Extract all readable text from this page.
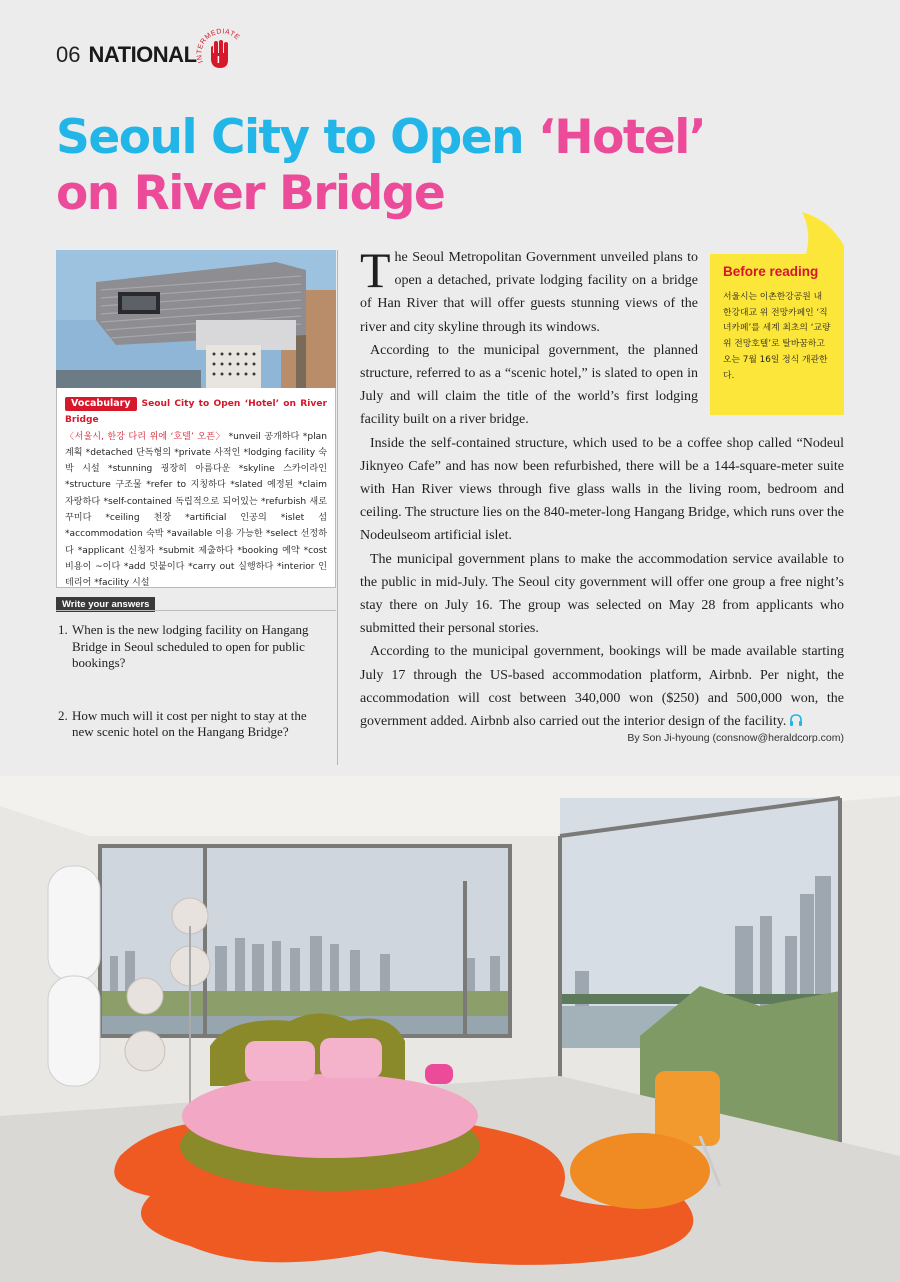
06 NATIONAL INTERMEDIATE
I
Seoul City to Open ‘Hotel’
on River Bridge
Vocabulary Seoul City to Open ‘Hotel’ on River Bridge
〈서울시, 한강 다리 위에 ‘호텔’ 오픈〉 *unveil 공개하다 *plan 계획 *detached 단독형의 *private 사적인 *lodging facility 숙박 시설 *stunning 굉장히 아름다운 *skyline 스카이라인 *structure 구조물 *refer to 지칭하다 *slated 예정된 *claim 자랑하다 *self-contained 독립적으로 되어있는 *refurbish 새로 꾸미다 *ceiling 천장 *artificial 인공의 *islet 섬 *accommodation 숙박 *available 이용 가능한 *select 선정하다 *applicant 신청자 *submit 제출하다 *booking 예약 *cost 비용이 ~이다 *add 덧붙이다 *carry out 실행하다 *interior 인테리어 *facility 시설
Write your answers
1. When is the new lodging facility on Hangang Bridge in Seoul scheduled to open for public bookings?
2. How much will it cost per night to stay at the new scenic hotel on the Hangang Bridge?
Before reading
서울시는 이촌한강공원 내 한강대교 위 전망카페인 ‘직녀카페’를 세계 최초의 ‘교량 위 전망호텔’로 탈바꿈하고 오는 7월 16일 정식 개관한다.

The Seoul Metropolitan Government unveiled plans to open a detached, private lodging facility on a bridge of Han River that will offer guests stunning views of the river and city skyline through its windows.

According to the municipal government, the planned structure, referred to as a “scenic hotel,” is slated to open in July and will claim the title of the world’s first lodging facility built on a river bridge.

Inside the self-contained structure, which used to be a coffee shop called “Nodeul Jiknyeo Cafe” and has now been refurbished, there will be a 144-square-meter suite with Han River views through five glass walls in the living room, bedroom and ceiling. The structure lies on the 840-meter-long Hangang Bridge, which runs over the Nodeulseom artificial islet.

The municipal government plans to make the accommodation service available to the public in mid-July. The Seoul city government will offer one group a free night’s stay there on July 16. The group was selected on May 28 from applicants who submitted their personal stories.

According to the municipal government, bookings will be made available starting July 17 through the US-based accommodation platform, Airbnb. Per night, the accommodation will cost between 340,000 won ($250) and 500,000 won, the government added. Airbnb also carried out the interior design of the facility.

By Son Ji-hyoung (consnow@heraldcorp.com)
